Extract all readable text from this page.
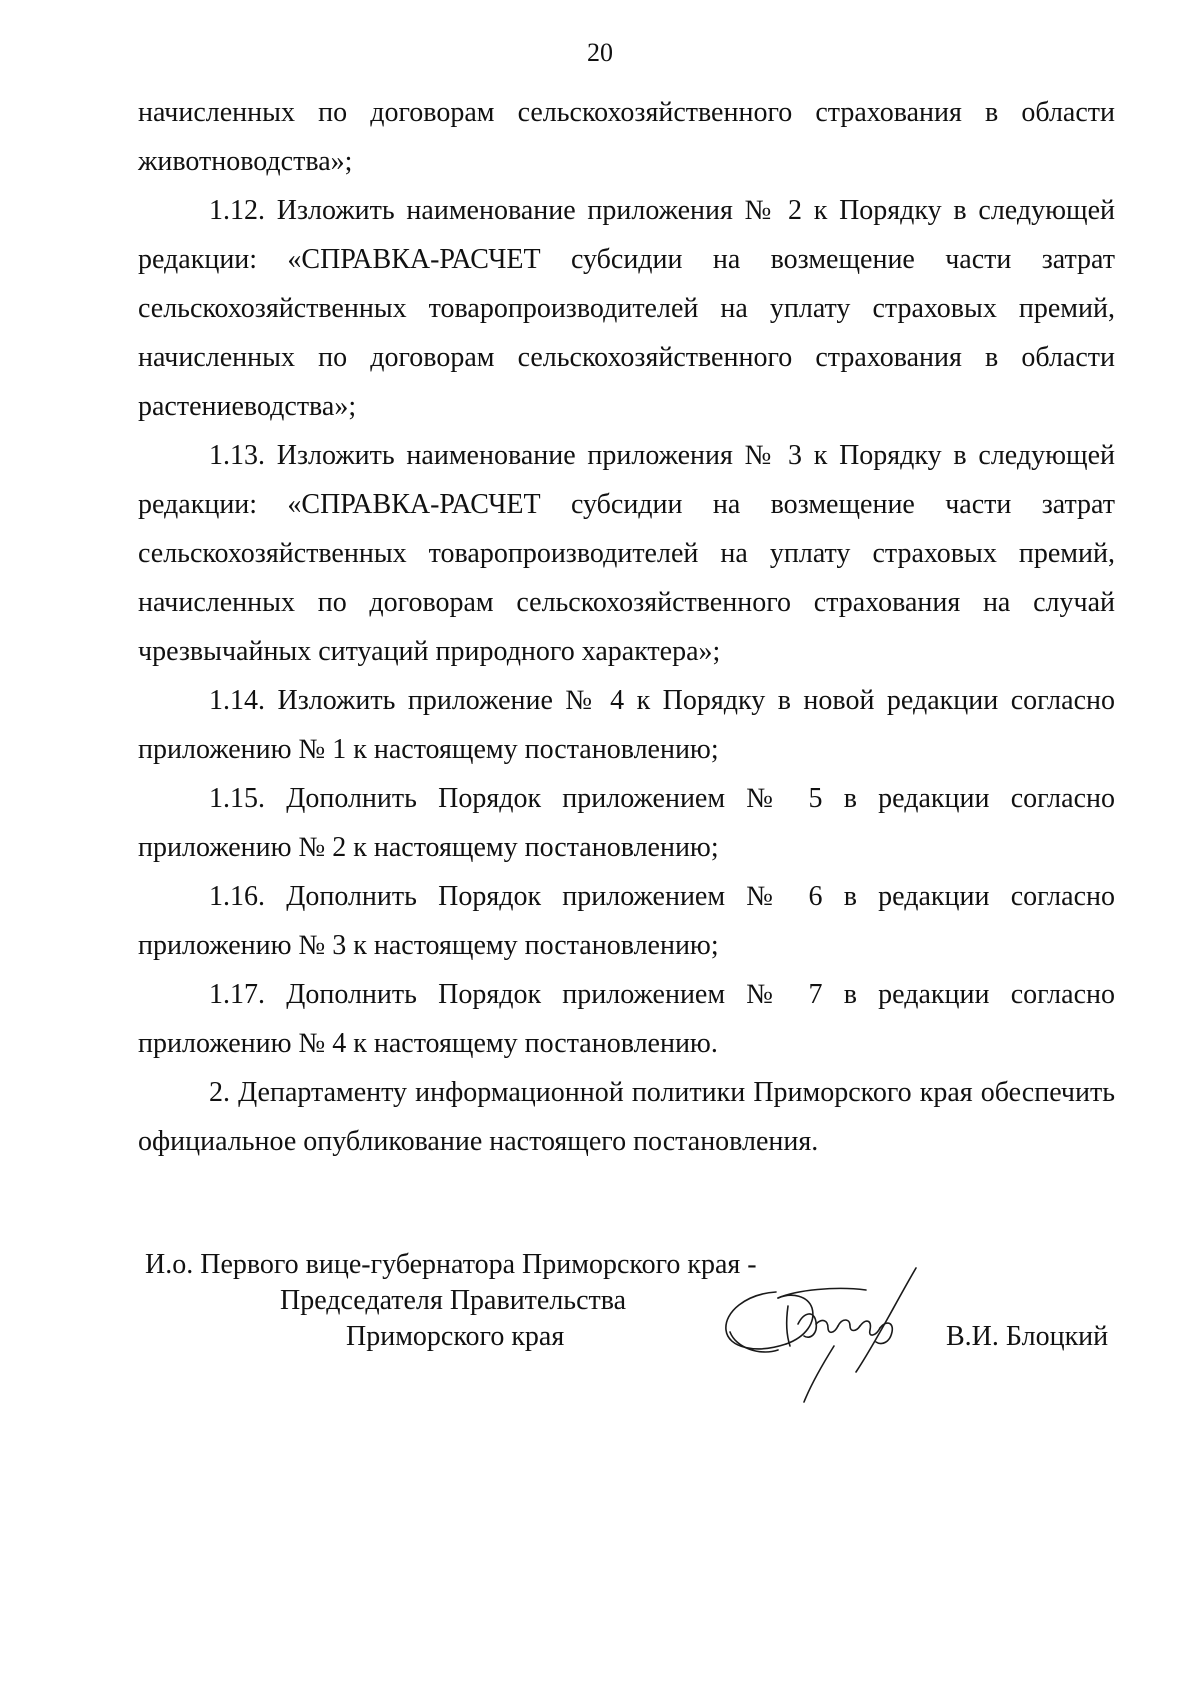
20

начисленных по договорам сельскохозяйственного страхования в области животноводства»;

1.12. Изложить наименование приложения № 2 к Порядку в следующей редакции: «СПРАВКА-РАСЧЕТ субсидии на возмещение части затрат сельскохозяйственных товаропроизводителей на уплату страховых премий, начисленных по договорам сельскохозяйственного страхования в области растениеводства»;

1.13. Изложить наименование приложения № 3 к Порядку в следующей редакции: «СПРАВКА-РАСЧЕТ субсидии на возмещение части затрат сельскохозяйственных товаропроизводителей на уплату страховых премий, начисленных по договорам сельскохозяйственного страхования на случай чрезвычайных ситуаций природного характера»;

1.14. Изложить приложение № 4 к Порядку в новой редакции согласно приложению № 1 к настоящему постановлению;

1.15. Дополнить Порядок приложением № 5 в редакции согласно приложению № 2 к настоящему постановлению;

1.16. Дополнить Порядок приложением № 6 в редакции согласно приложению № 3 к настоящему постановлению;

1.17. Дополнить Порядок приложением № 7 в редакции согласно приложению № 4 к настоящему постановлению.

2. Департаменту информационной политики Приморского края обеспечить официальное опубликование настоящего постановления.

И.о. Первого вице-губернатора Приморского края -
Председателя Правительства
Приморского края	В.И. Блоцкий
